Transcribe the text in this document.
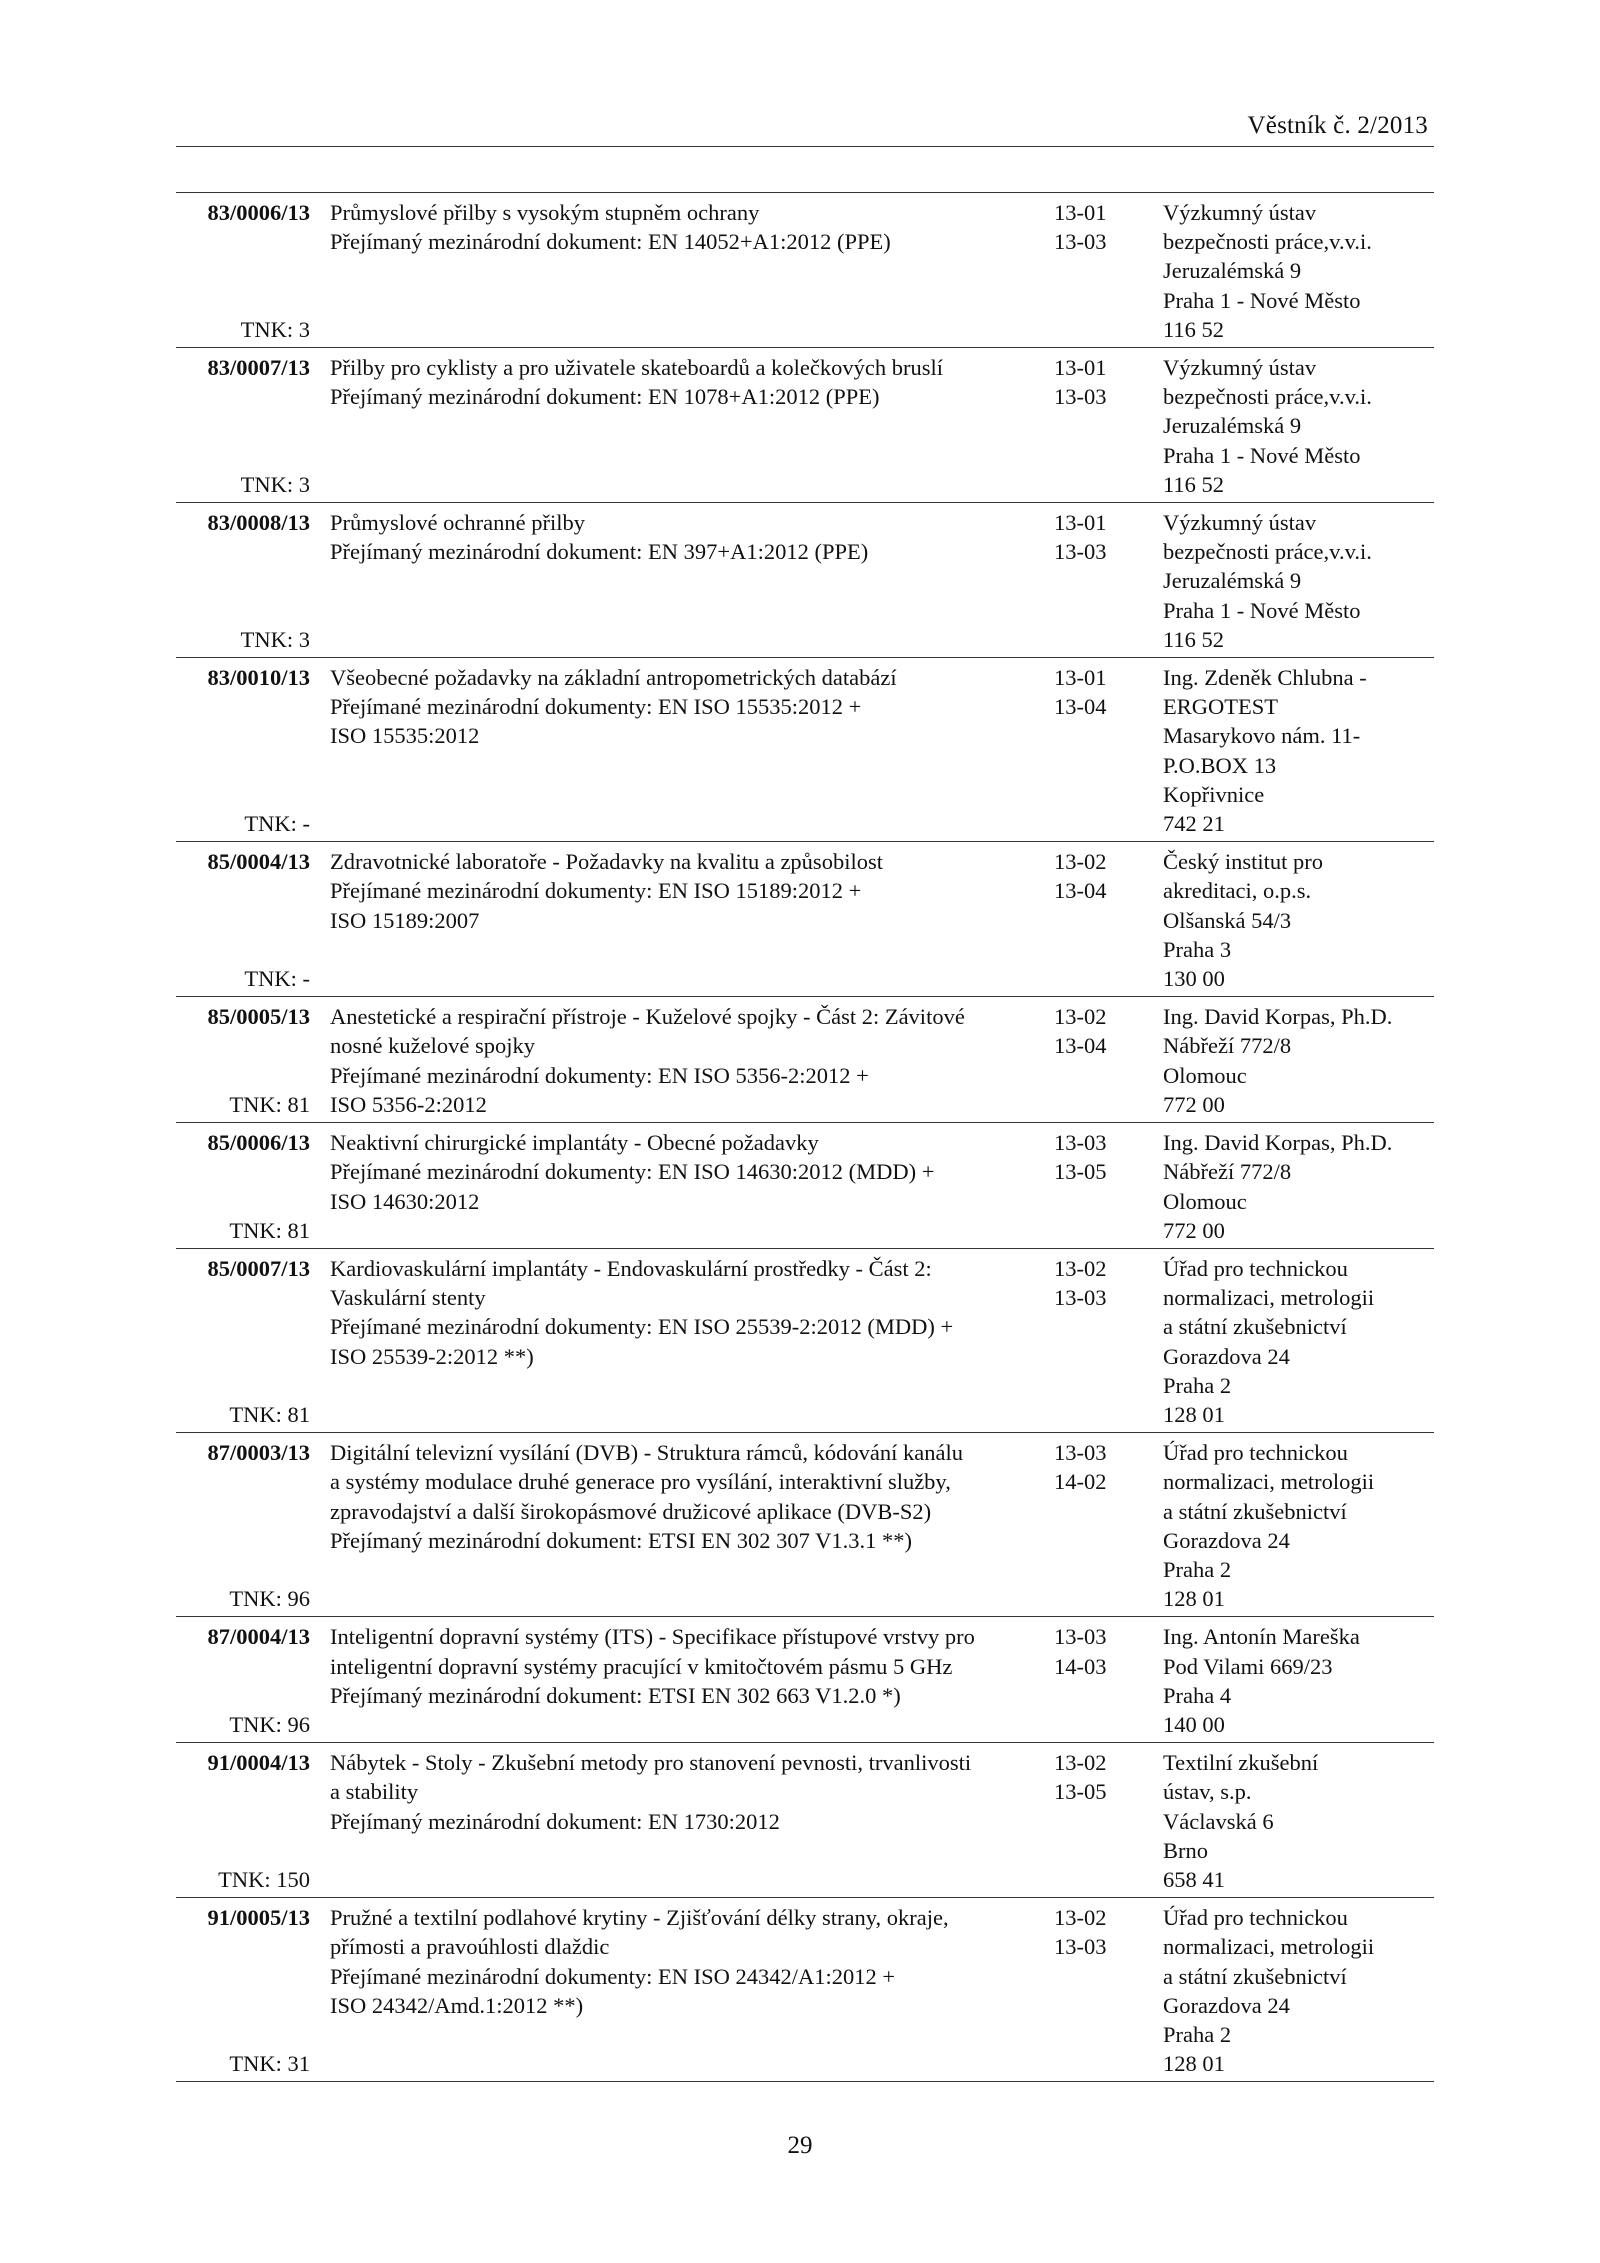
Věstník č. 2/2013
83/0006/13
TNK: 3
Průmyslové přilby s vysokým stupněm ochrany
Přejímaný mezinárodní dokument: EN 14052+A1:2012 (PPE)
13-01
13-03
Výzkumný ústav
bezpečnosti práce,v.v.i.
Jeruzalémská 9
Praha 1 - Nové Město
116 52
83/0007/13
TNK: 3
Přilby pro cyklisty a pro uživatele skateboardů a kolečkových bruslí
Přejímaný mezinárodní dokument: EN 1078+A1:2012 (PPE)
13-01
13-03
Výzkumný ústav
bezpečnosti práce,v.v.i.
Jeruzalémská 9
Praha 1 - Nové Město
116 52
83/0008/13
TNK: 3
Průmyslové ochranné přilby
Přejímaný mezinárodní dokument: EN 397+A1:2012 (PPE)
13-01
13-03
Výzkumný ústav
bezpečnosti práce,v.v.i.
Jeruzalémská 9
Praha 1 - Nové Město
116 52
83/0010/13
TNK: -
Všeobecné požadavky na základní antropometrických databází
Přejímané mezinárodní dokumenty: EN ISO 15535:2012 +
ISO 15535:2012
13-01
13-04
Ing. Zdeněk Chlubna -
ERGOTEST
Masarykovo nám. 11-
P.O.BOX 13
Kopřivnice
742 21
85/0004/13
TNK: -
Zdravotnické laboratoře - Požadavky na kvalitu a způsobilost
Přejímané mezinárodní dokumenty: EN ISO 15189:2012 +
ISO 15189:2007
13-02
13-04
Český institut pro
akreditaci, o.p.s.
Olšanská 54/3
Praha 3
130 00
85/0005/13
TNK: 81
Anestetické a respirační přístroje - Kuželové spojky - Část 2: Závitové
nosné kuželové spojky
Přejímané mezinárodní dokumenty: EN ISO 5356-2:2012 +
ISO 5356-2:2012
13-02
13-04
Ing. David Korpas, Ph.D.
Nábřeží 772/8
Olomouc
772 00
85/0006/13
TNK: 81
Neaktivní chirurgické implantáty - Obecné požadavky
Přejímané mezinárodní dokumenty: EN ISO 14630:2012 (MDD) +
ISO 14630:2012
13-03
13-05
Ing. David Korpas, Ph.D.
Nábřeží 772/8
Olomouc
772 00
85/0007/13
TNK: 81
Kardiovaskulární implantáty - Endovaskulární prostředky - Část 2:
Vaskulární stenty
Přejímané mezinárodní dokumenty: EN ISO 25539-2:2012 (MDD) +
ISO 25539-2:2012 **)
13-02
13-03
Úřad pro technickou
normalizaci, metrologii
a státní zkušebnictví
Gorazdova 24
Praha 2
128 01
87/0003/13
TNK: 96
Digitální televizní vysílání (DVB) - Struktura rámců, kódování kanálu
a systémy modulace druhé generace pro vysílání, interaktivní služby,
zpravodajství a další širokopásmové družicové aplikace (DVB-S2)
Přejímaný mezinárodní dokument: ETSI EN 302 307 V1.3.1 **)
13-03
14-02
Úřad pro technickou
normalizaci, metrologii
a státní zkušebnictví
Gorazdova 24
Praha 2
128 01
87/0004/13
TNK: 96
Inteligentní dopravní systémy (ITS) - Specifikace přístupové vrstvy pro
inteligentní dopravní systémy pracující v kmitočtovém pásmu 5 GHz
Přejímaný mezinárodní dokument: ETSI EN 302 663 V1.2.0 *)
13-03
14-03
Ing. Antonín Mareška
Pod Vilami 669/23
Praha 4
140 00
91/0004/13
TNK: 150
Nábytek - Stoly - Zkušební metody pro stanovení pevnosti, trvanlivosti
a stability
Přejímaný mezinárodní dokument: EN 1730:2012
13-02
13-05
Textilní zkušební
ústav, s.p.
Václavská 6
Brno
658 41
91/0005/13
TNK: 31
Pružné a textilní podlahové krytiny - Zjišťování délky strany, okraje,
přímosti a pravoúhlosti dlaždic
Přejímané mezinárodní dokumenty: EN ISO 24342/A1:2012 +
ISO 24342/Amd.1:2012 **)
13-02
13-03
Úřad pro technickou
normalizaci, metrologii
a státní zkušebnictví
Gorazdova 24
Praha 2
128 01
29
